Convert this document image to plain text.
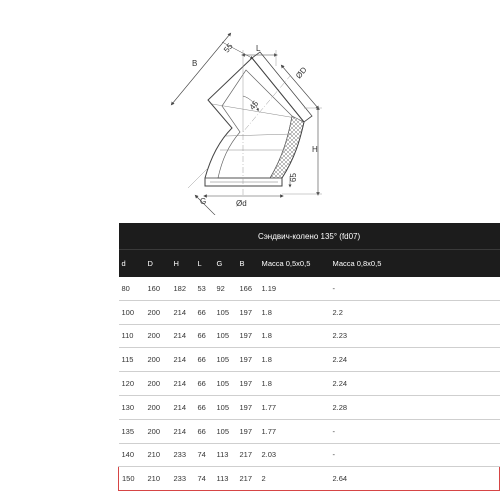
B
55	L
ØD
45
H
65
G	Ød
Сэндвич-колено 135° (fd07)							
d	D	H	L	G	B	Масса 0,5х0,5	Масса 0,8х0,5
80	160	182	53	92	166	1.19	-
100	200	214	66	105	197	1.8	2.2
110	200	214	66	105	197	1.8	2.23
115	200	214	66	105	197	1.8	2.24
120	200	214	66	105	197	1.8	2.24
130	200	214	66	105	197	1.77	2.28
135	200	214	66	105	197	1.77	-
140	210	233	74	113	217	2.03	-
150	210	233	74	113	217	2	2.64
